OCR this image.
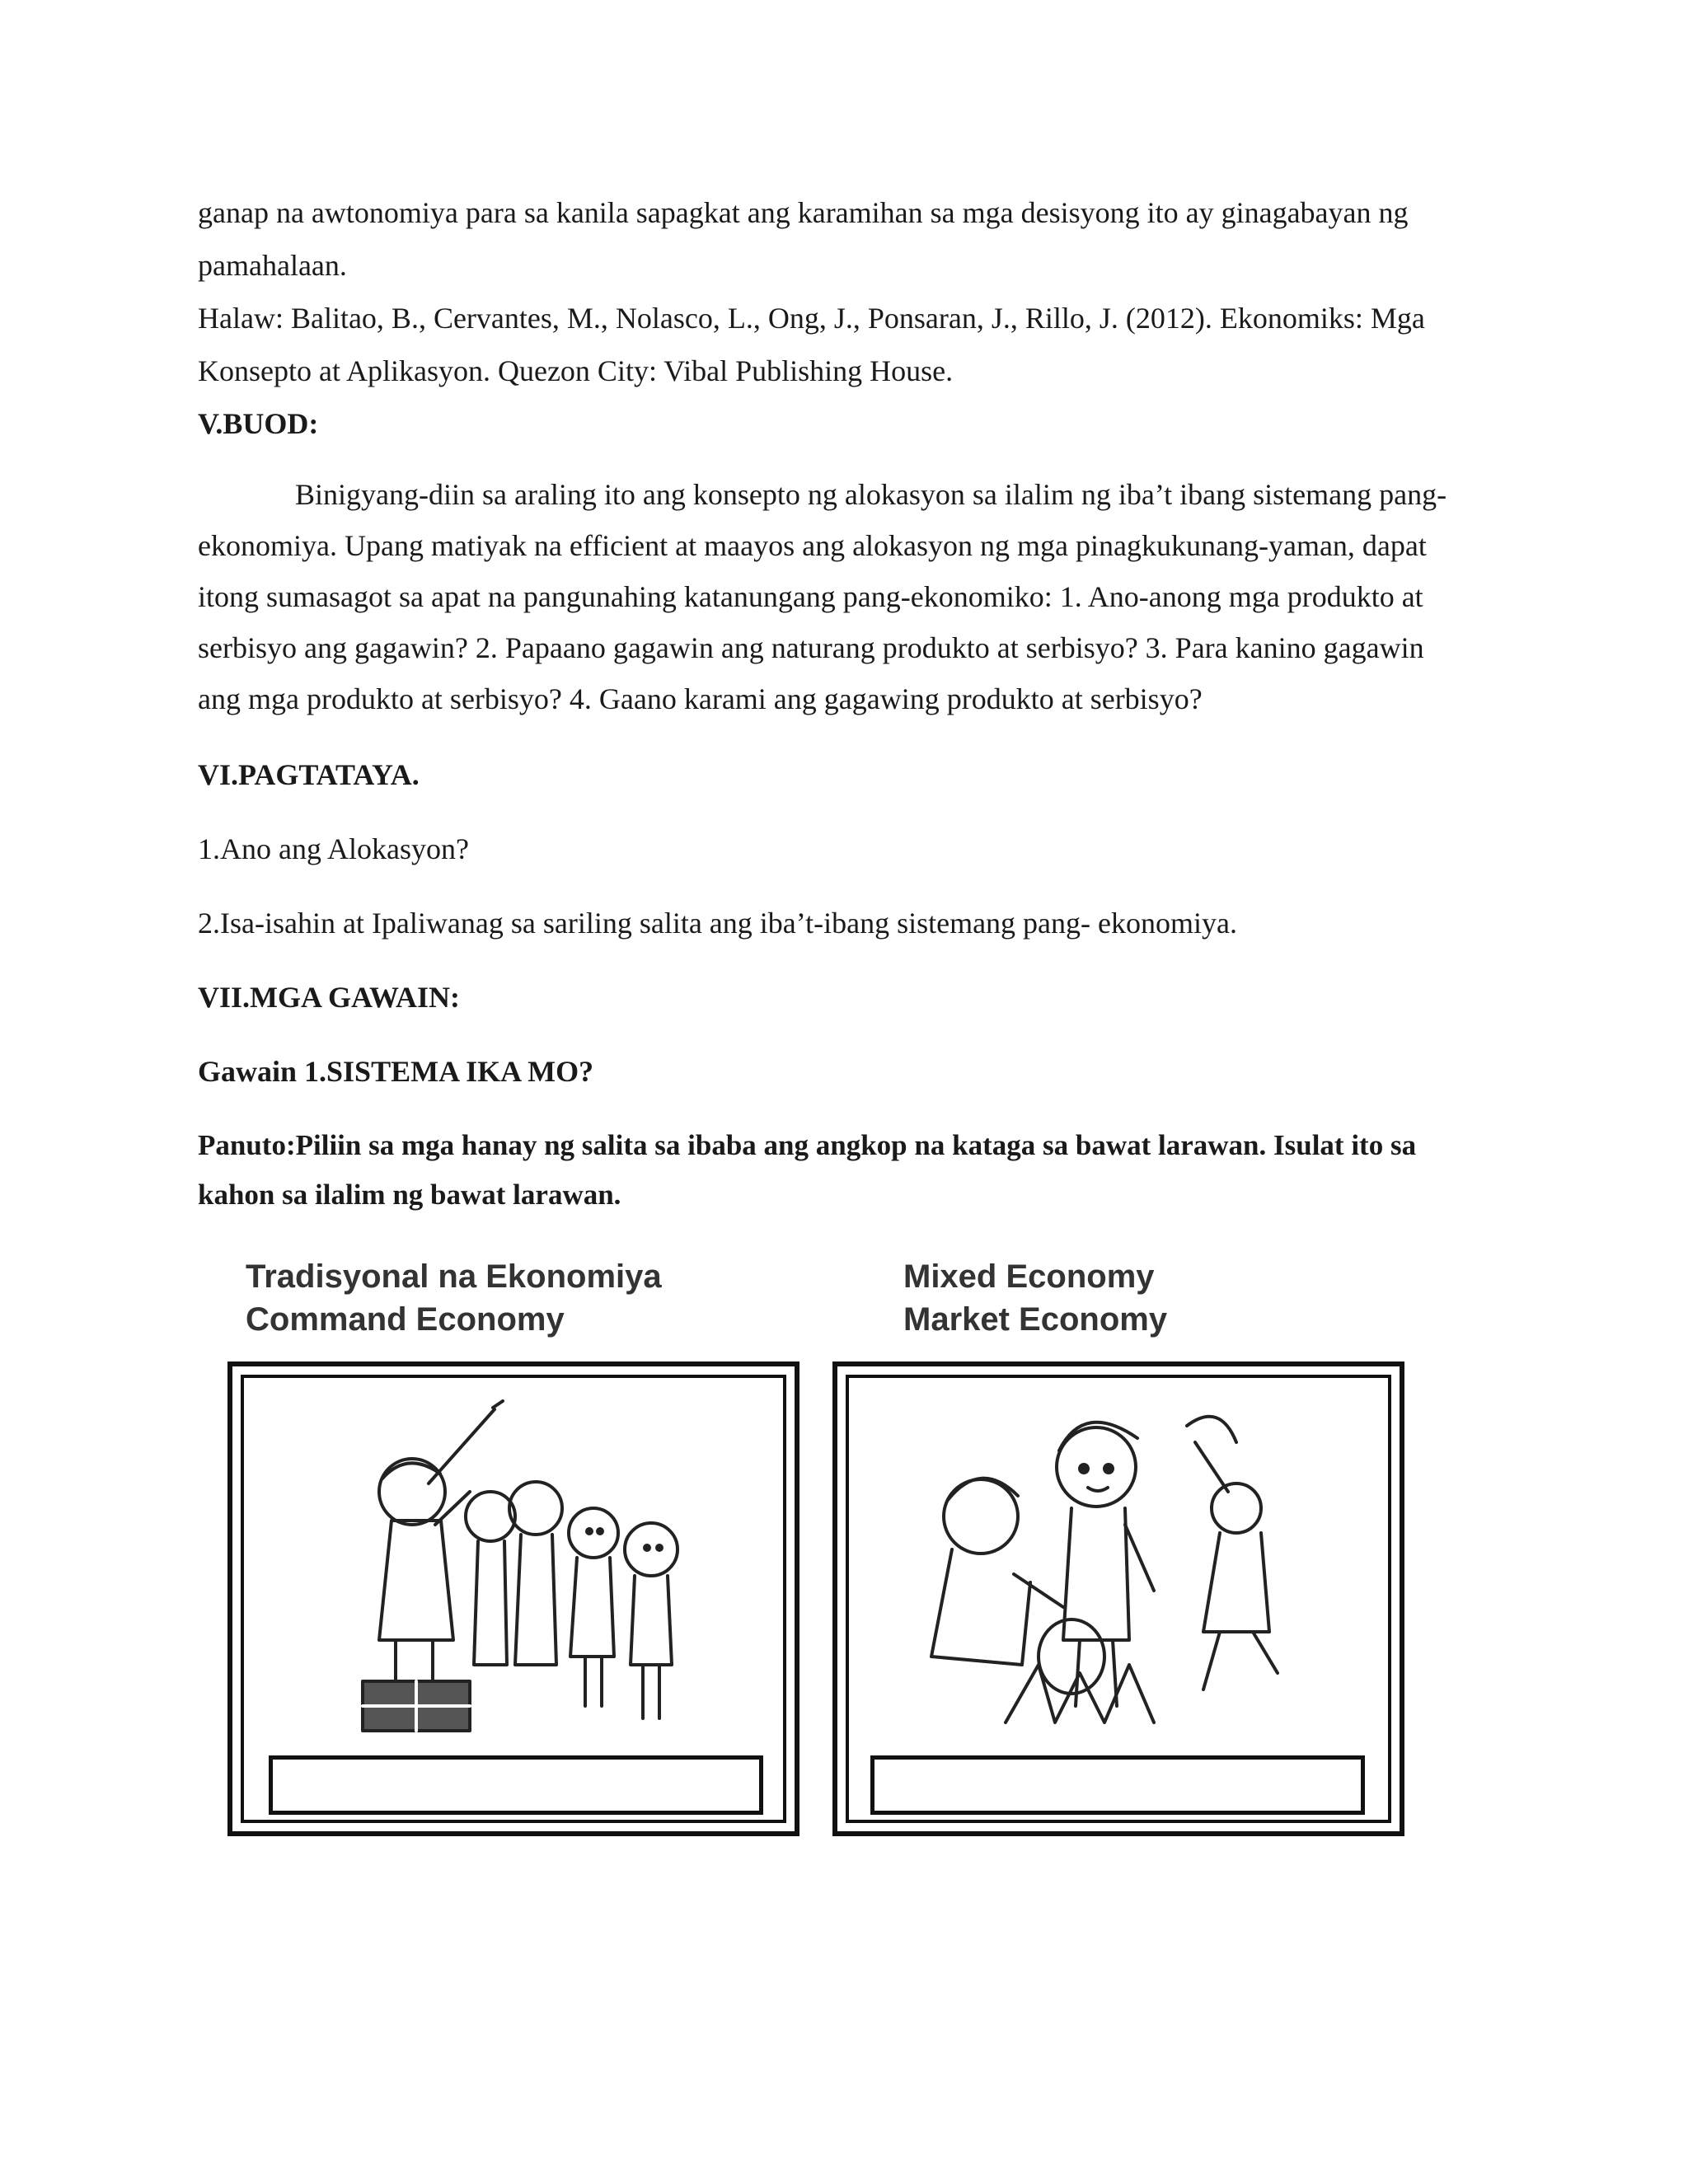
ganap na awtonomiya para sa kanila sapagkat ang karamihan sa mga desisyong ito ay ginagabayan ng
pamahalaan.
Halaw: Balitao, B., Cervantes, M., Nolasco, L., Ong, J., Ponsaran, J., Rillo, J. (2012). Ekonomiks: Mga
Konsepto at Aplikasyon. Quezon City: Vibal Publishing House.
V.BUOD:
Binigyang-diin sa araling ito ang konsepto ng alokasyon sa ilalim ng iba’t ibang sistemang pang-
ekonomiya. Upang matiyak na efficient at maayos ang alokasyon ng mga pinagkukunang-yaman, dapat
itong sumasagot sa apat na pangunahing katanungang pang-ekonomiko: 1. Ano-anong mga produkto at
serbisyo ang gagawin? 2. Papaano gagawin ang naturang produkto at serbisyo? 3. Para kanino gagawin
ang mga produkto at serbisyo? 4. Gaano karami ang gagawing produkto at serbisyo?
VI.PAGTATAYA.
1.Ano ang Alokasyon?
2.Isa-isahin at Ipaliwanag sa sariling salita ang iba’t-ibang sistemang pang- ekonomiya.
VII.MGA GAWAIN:
Gawain 1.SISTEMA IKA MO?
Panuto:Piliin sa mga hanay ng salita sa ibaba ang angkop na kataga sa bawat larawan. Isulat ito sa
kahon sa ilalim ng bawat larawan.
Tradisyonal na Ekonomiya
Command Economy
Mixed Economy
Market Economy
